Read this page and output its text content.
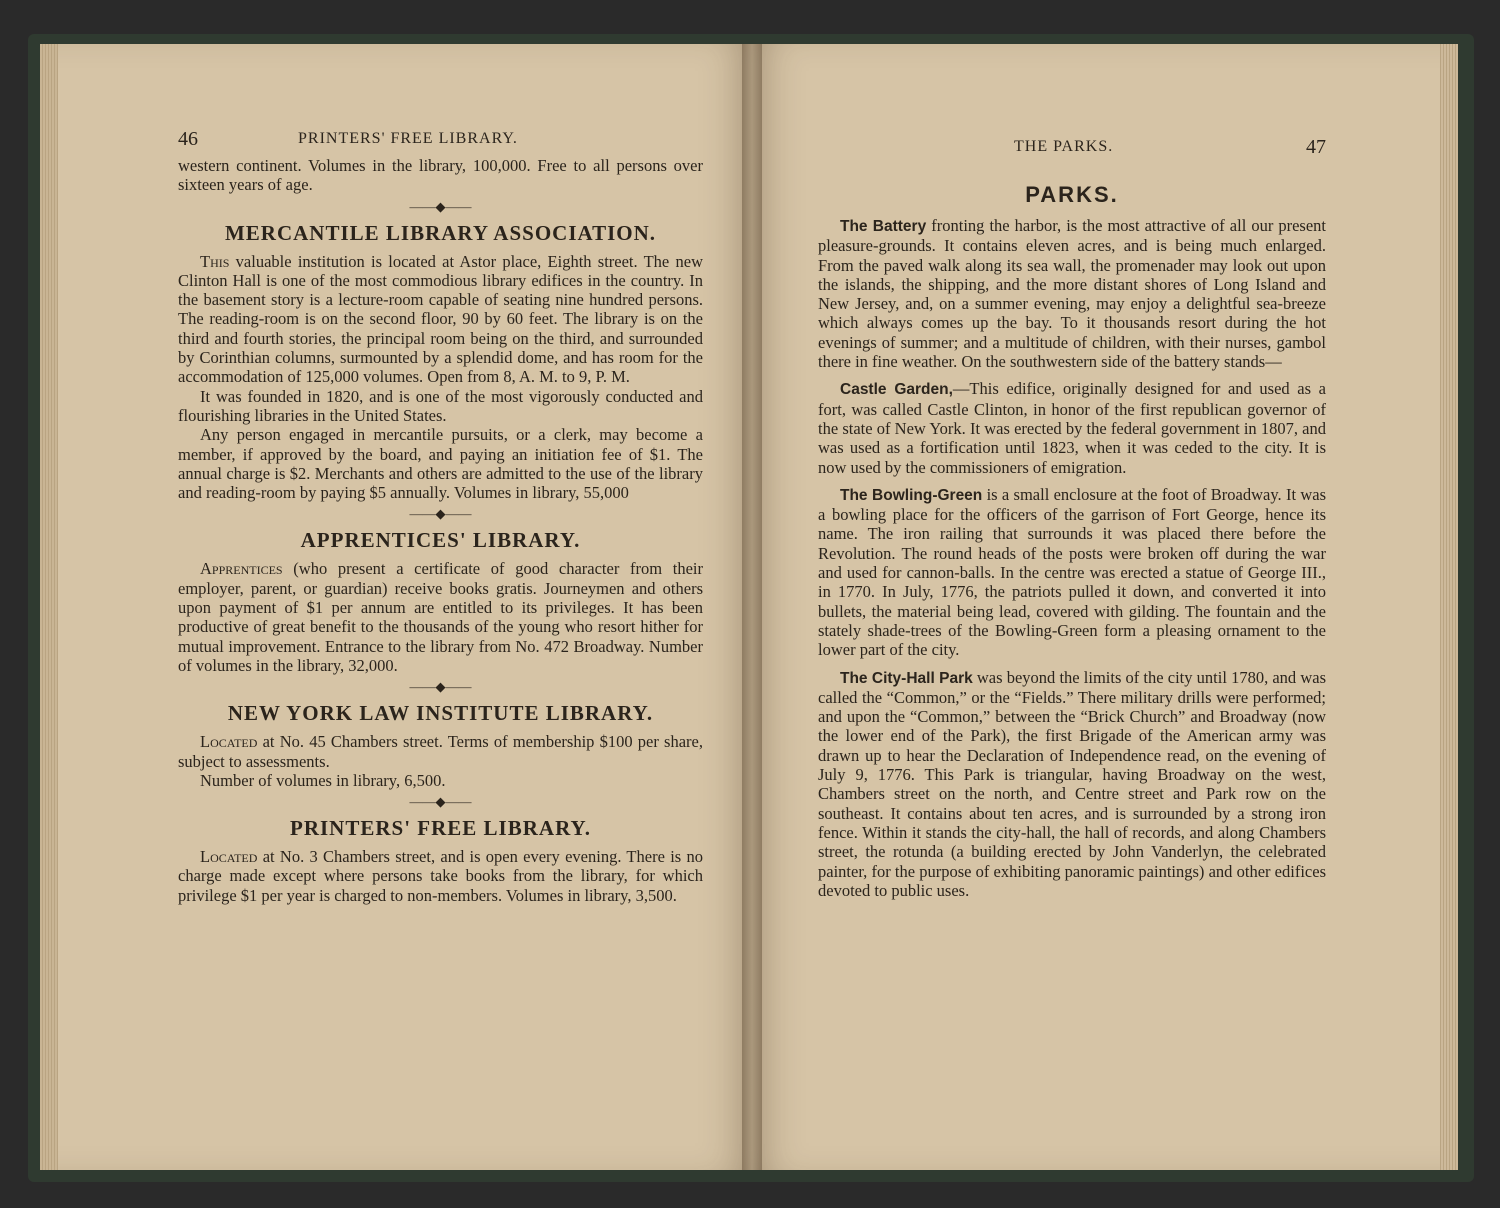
46	PRINTERS' FREE LIBRARY.

western continent. Volumes in the library, 100,000. Free to all persons over sixteen years of age.

——◆——
MERCANTILE LIBRARY ASSOCIATION.

This valuable institution is located at Astor place, Eighth street. The new Clinton Hall is one of the most commodious library edifices in the country. In the basement story is a lecture-room capable of seating nine hundred persons. The reading-room is on the second floor, 90 by 60 feet. The library is on the third and fourth stories, the principal room being on the third, and surrounded by Corinthian columns, surmounted by a splendid dome, and has room for the accommodation of 125,000 volumes. Open from 8, A. M. to 9, P. M.

It was founded in 1820, and is one of the most vigorously conducted and flourishing libraries in the United States.

Any person engaged in mercantile pursuits, or a clerk, may become a member, if approved by the board, and paying an initiation fee of $1. The annual charge is $2. Merchants and others are admitted to the use of the library and reading-room by paying $5 annually. Volumes in library, 55,000

——◆——
APPRENTICES' LIBRARY.

Apprentices (who present a certificate of good character from their employer, parent, or guardian) receive books gratis. Journeymen and others upon payment of $1 per annum are entitled to its privileges. It has been productive of great benefit to the thousands of the young who resort hither for mutual improvement. Entrance to the library from No. 472 Broadway. Number of volumes in the library, 32,000.

——◆——
NEW YORK LAW INSTITUTE LIBRARY.

Located at No. 45 Chambers street. Terms of membership $100 per share, subject to assessments.

Number of volumes in library, 6,500.

——◆——
PRINTERS' FREE LIBRARY.

Located at No. 3 Chambers street, and is open every evening. There is no charge made except where persons take books from the library, for which privilege $1 per year is charged to non-members. Volumes in library, 3,500.

THE PARKS.	47
PARKS.

The Battery fronting the harbor, is the most attractive of all our present pleasure-grounds. It contains eleven acres, and is being much enlarged. From the paved walk along its sea wall, the promenader may look out upon the islands, the shipping, and the more distant shores of Long Island and New Jersey, and, on a summer evening, may enjoy a delightful sea-breeze which always comes up the bay. To it thousands resort during the hot evenings of summer; and a multitude of children, with their nurses, gambol there in fine weather. On the southwestern side of the battery stands—

Castle Garden,—This edifice, originally designed for and used as a fort, was called Castle Clinton, in honor of the first republican governor of the state of New York. It was erected by the federal government in 1807, and was used as a fortification until 1823, when it was ceded to the city. It is now used by the commissioners of emigration.

The Bowling-Green is a small enclosure at the foot of Broadway. It was a bowling place for the officers of the garrison of Fort George, hence its name. The iron railing that surrounds it was placed there before the Revolution. The round heads of the posts were broken off during the war and used for cannon-balls. In the centre was erected a statue of George III., in 1770. In July, 1776, the patriots pulled it down, and converted it into bullets, the material being lead, covered with gilding. The fountain and the stately shade-trees of the Bowling-Green form a pleasing ornament to the lower part of the city.

The City-Hall Park was beyond the limits of the city until 1780, and was called the “Common,” or the “Fields.” There military drills were performed; and upon the “Common,” between the “Brick Church” and Broadway (now the lower end of the Park), the first Brigade of the American army was drawn up to hear the Declaration of Independence read, on the evening of July 9, 1776. This Park is triangular, having Broadway on the west, Chambers street on the north, and Centre street and Park row on the southeast. It contains about ten acres, and is surrounded by a strong iron fence. Within it stands the city-hall, the hall of records, and along Chambers street, the rotunda (a building erected by John Vanderlyn, the celebrated painter, for the purpose of exhibiting panoramic paintings) and other edifices devoted to public uses.
